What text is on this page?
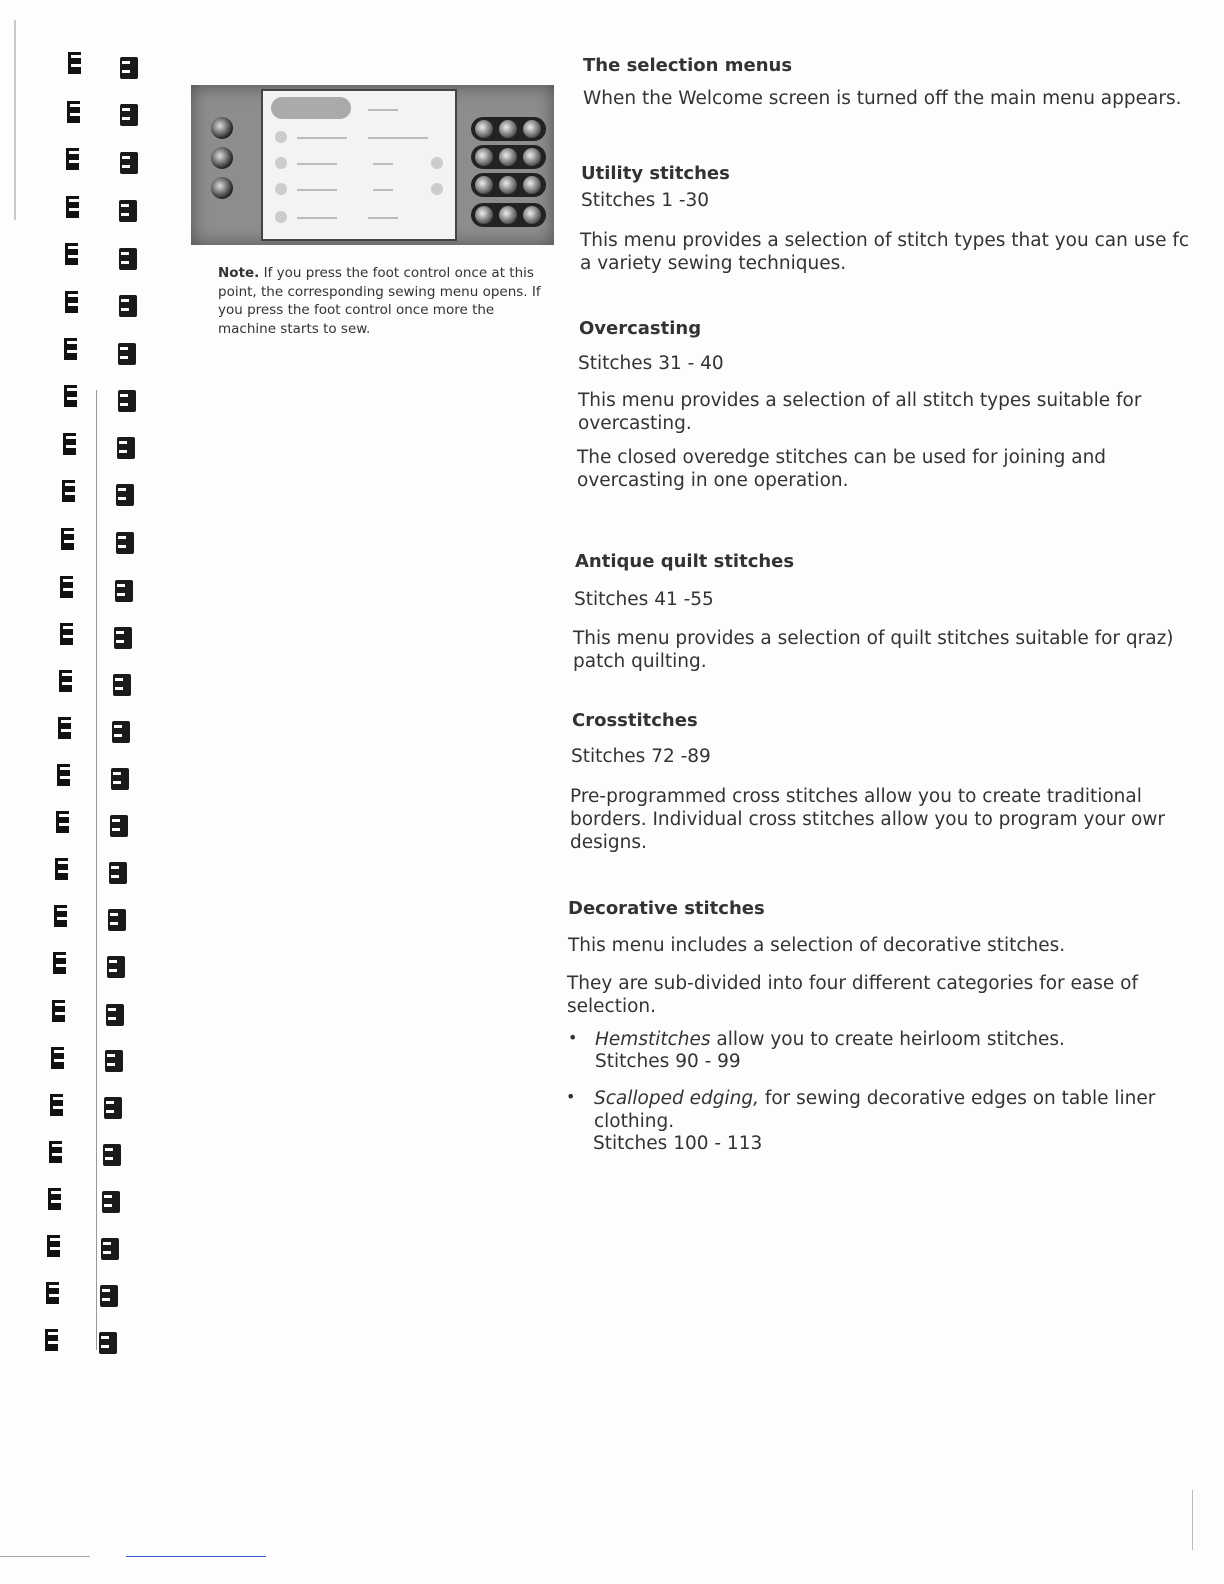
Note. If you press the foot control once at this point, the corresponding sewing menu opens. If you press the foot control once more the machine starts to sew.
The selection menus
When the Welcome screen is turned off the main menu appears.
Utility stitches
Stitches 1 -30
This menu provides a selection of stitch types that you can use fc a variety sewing techniques.
Overcasting
Stitches 31 - 40
This menu provides a selection of all stitch types suitable for overcasting.
The closed overedge stitches can be used for joining and overcasting in one operation.
Antique quilt stitches
Stitches 41 -55
This menu provides a selection of quilt stitches suitable for qraz) patch quilting.
Crosstitches
Stitches 72 -89
Pre-programmed cross stitches allow you to create traditional borders. Individual cross stitches allow you to program your owr designs.
Decorative stitches
This menu includes a selection of decorative stitches.
They are sub-divided into four different categories for ease of selection.
• Hemstitches allow you to create heirloom stitches.
Stitches 90 - 99
• Scalloped edging, for sewing decorative edges on table liner clothing.
Stitches 100 - 113
